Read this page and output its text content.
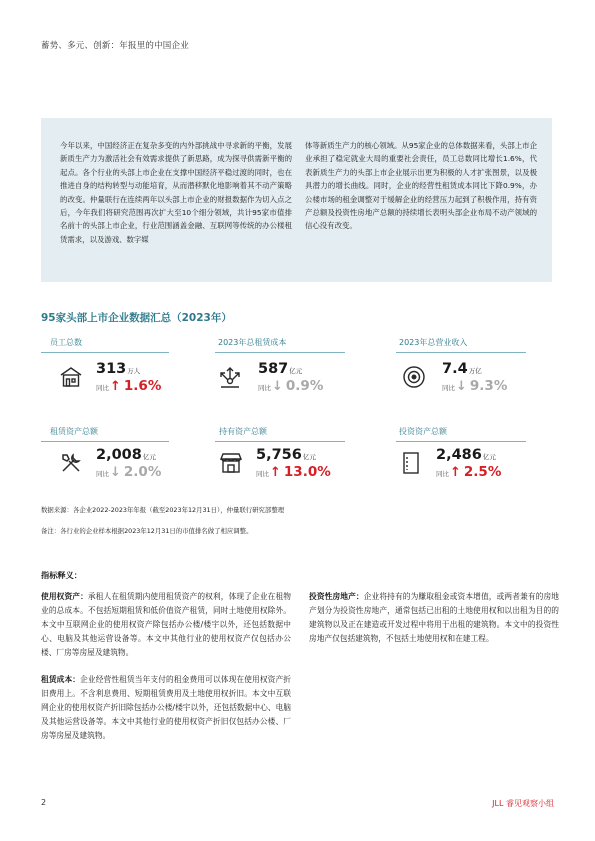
蓄势、多元、创新：年报里的中国企业
今年以来，中国经济正在复杂多变的内外部挑战中寻求新的平衡，发展新质生产力为激活社会有效需求提供了新思路，成为探寻供需新平衡的起点。各个行业的头部上市企业在支撑中国经济平稳过渡的同时，也在推进自身的结构转型与动能培育，从而潜移默化地影响着其不动产策略的改变。仲量联行在连续两年以头部上市企业的财报数据作为切入点之后，今年我们将研究范围再次扩大至10个细分领域，共计95家市值排名前十的头部上市企业，行业范围涵盖金融、互联网等传统的办公楼租赁需求，以及游戏、数字媒
体等新质生产力的核心领域。从95家企业的总体数据来看，头部上市企业承担了稳定就业大局的重要社会责任，员工总数同比增长1.6%，代表新质生产力的头部上市企业展示出更为积极的人才扩张图景，以及极具潜力的增长曲线。同时，企业的经营性租赁成本同比下降0.9%，办公楼市场的租金调整对于缓解企业的经营压力起到了积极作用，持有资产总额及投资性房地产总额的持续增长表明头部企业布局不动产领域的信心没有改变。
95家头部上市企业数据汇总（2023年）
员工总数
313万人
同比↑ 1.6%
2023年总租赁成本
587亿元
同比↓ 0.9%
2023年总营业收入
7.4万亿
同比↓ 9.3%
租赁资产总额
2,008亿元
同比↓ 2.0%
持有资产总额
5,756亿元
同比↑ 13.0%
投资资产总额
2,486亿元
同比↑ 2.5%
数据来源：各企业2022-2023年年报（截至2023年12月31日），仲量联行研究部整理
备注：各行业的企业样本根据2023年12月31日的市值排名做了相应调整。
指标释义：

使用权资产：承租人在租赁期内使用租赁资产的权利，体现了企业在租物业的总成本。不包括短期租赁和低价值资产租赁，同时土地使用权除外。本文中互联网企业的使用权资产除包括办公楼/楼宇以外，还包括数据中心、电脑及其他运营设备等。本文中其他行业的使用权资产仅包括办公楼、厂房等房屋及建筑物。

租赁成本：企业经营性租赁当年支付的租金费用可以体现在使用权资产折旧费用上。不含利息费用、短期租赁费用及土地使用权折旧。本文中互联网企业的使用权资产折旧除包括办公楼/楼宇以外，还包括数据中心、电脑及其他运营设备等。本文中其他行业的使用权资产折旧仅包括办公楼、厂房等房屋及建筑物。

投资性房地产：企业将持有的为赚取租金或资本增值，或两者兼有的房地产划分为投资性房地产，通常包括已出租的土地使用权和以出租为目的的建筑物以及正在建造或开发过程中将用于出租的建筑物。本文中的投资性房地产仅包括建筑物，不包括土地使用权和在建工程。

2	JLL 睿见观察小组
